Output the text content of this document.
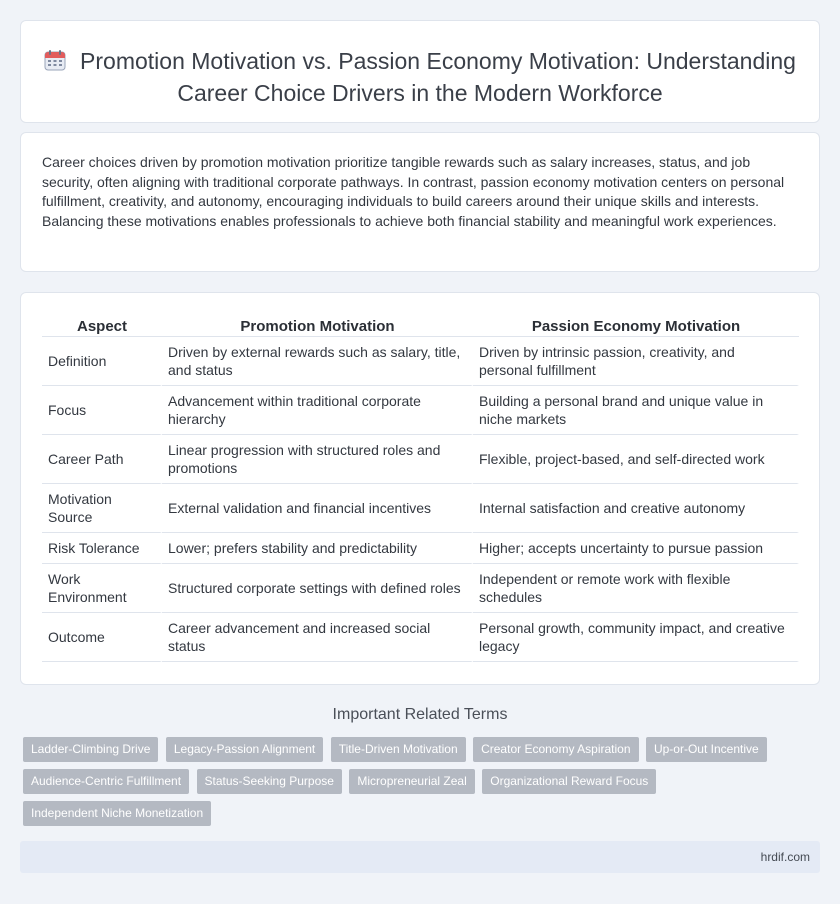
Promotion Motivation vs. Passion Economy Motivation: Understanding Career Choice Drivers in the Modern Workforce

Career choices driven by promotion motivation prioritize tangible rewards such as salary increases, status, and job security, often aligning with traditional corporate pathways. In contrast, passion economy motivation centers on personal fulfillment, creativity, and autonomy, encouraging individuals to build careers around their unique skills and interests. Balancing these motivations enables professionals to achieve both financial stability and meaningful work experiences.

Aspect	Promotion Motivation	Passion Economy Motivation
Definition	Driven by external rewards such as salary, title, and status	Driven by intrinsic passion, creativity, and personal fulfillment
Focus	Advancement within traditional corporate hierarchy	Building a personal brand and unique value in niche markets
Career Path	Linear progression with structured roles and promotions	Flexible, project-based, and self-directed work
Motivation Source	External validation and financial incentives	Internal satisfaction and creative autonomy
Risk Tolerance	Lower; prefers stability and predictability	Higher; accepts uncertainty to pursue passion
Work Environment	Structured corporate settings with defined roles	Independent or remote work with flexible schedules
Outcome	Career advancement and increased social status	Personal growth, community impact, and creative legacy
Important Related Terms
Ladder-Climbing Drive Legacy-Passion Alignment Title-Driven Motivation Creator Economy Aspiration Up-or-Out Incentive Audience-Centric Fulfillment Status-Seeking Purpose Micropreneurial Zeal Organizational Reward Focus Independent Niche Monetization
hrdif.com
